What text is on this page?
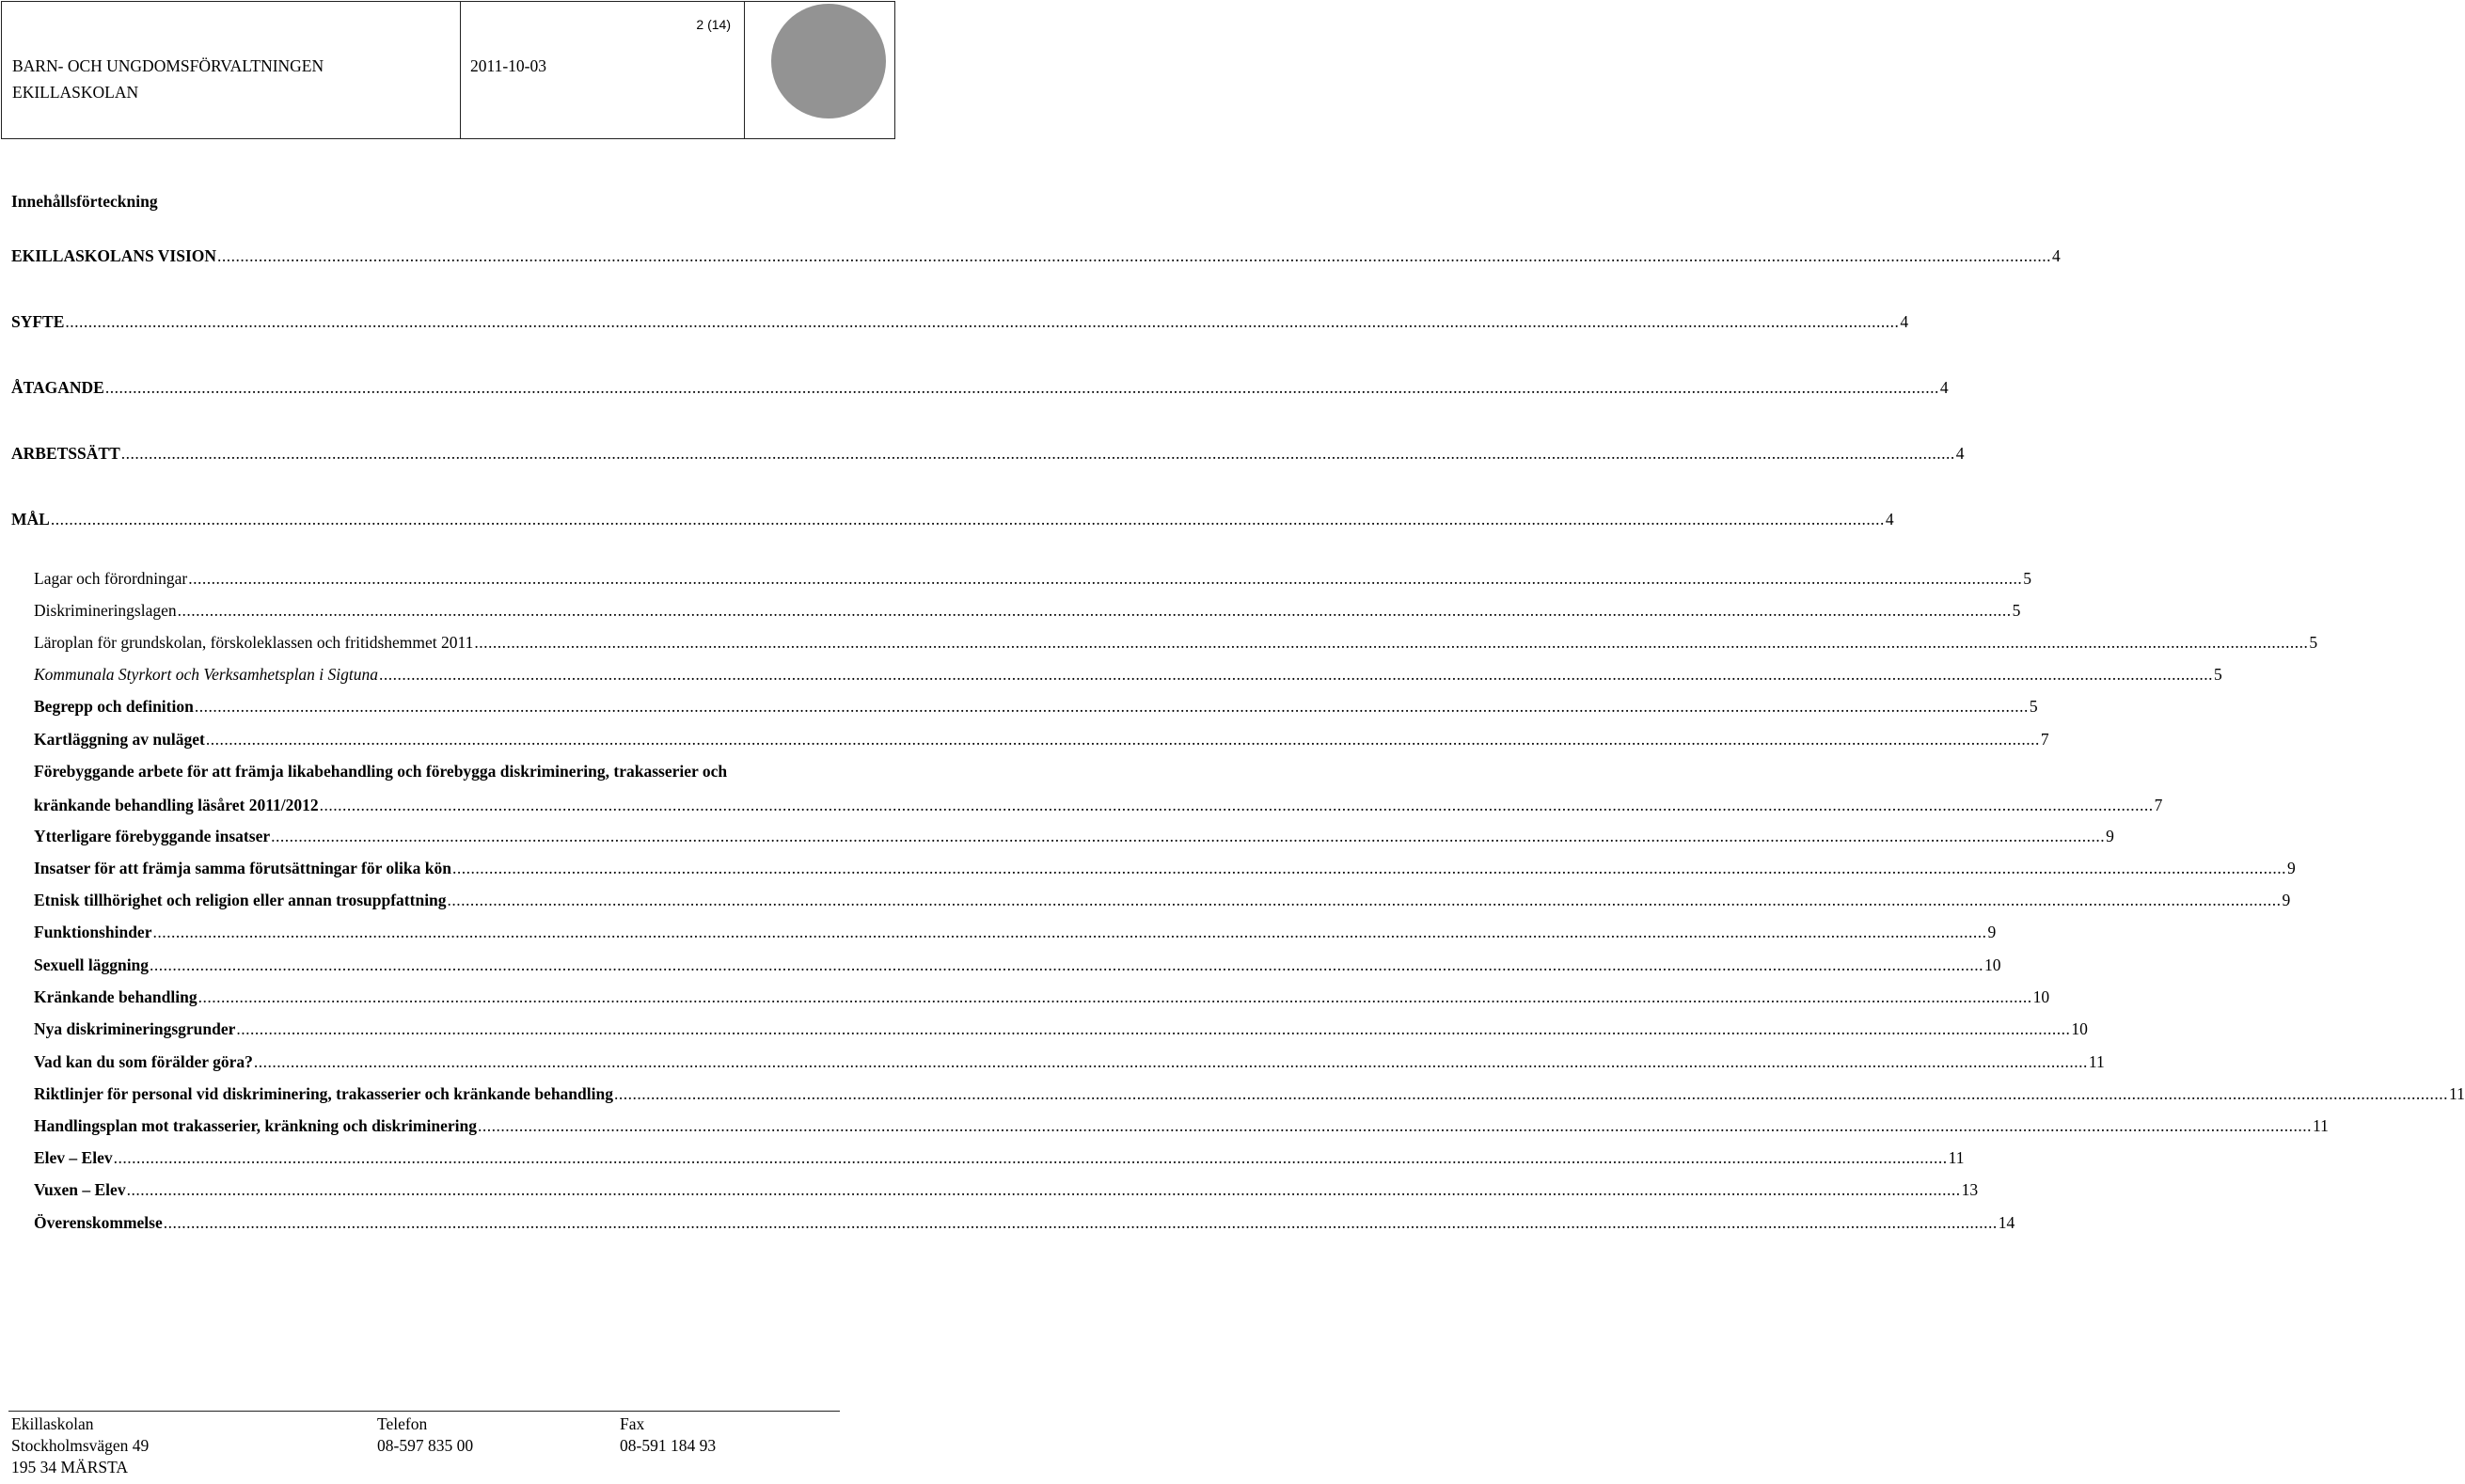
BARN- OCH UNGDOMSFÖRVALTNINGEN
EKILLASKOLAN
2011-10-03
2 (14)
Innehållsförteckning
EKILLASKOLANS VISION ................................................................................................................................................................................................................................................................................................................................................................................................................ 4
SYFTE ................................................................................................................................................................................................................................................................................................................................................................................................................ 4
ÅTAGANDE ................................................................................................................................................................................................................................................................................................................................................................................................................ 4
ARBETSSÄTT ................................................................................................................................................................................................................................................................................................................................................................................................................ 4
MÅL ................................................................................................................................................................................................................................................................................................................................................................................................................ 4
Lagar och förordningar ................................................................................................................................................................................................................................................................................................................................................................................................................ 5
Diskrimineringslagen ................................................................................................................................................................................................................................................................................................................................................................................................................ 5
Läroplan för grundskolan, förskoleklassen och fritidshemmet 2011 ................................................................................................................................................................................................................................................................................................................................................................................................................ 5
Kommunala Styrkort och Verksamhetsplan i Sigtuna ................................................................................................................................................................................................................................................................................................................................................................................................................ 5
Begrepp och definition ................................................................................................................................................................................................................................................................................................................................................................................................................ 5
Kartläggning av nuläget ................................................................................................................................................................................................................................................................................................................................................................................................................ 7
Förebyggande arbete för att främja likabehandling och förebygga diskriminering, trakasserier och
kränkande behandling läsåret 2011/2012 ................................................................................................................................................................................................................................................................................................................................................................................................................ 7
Ytterligare förebyggande insatser ................................................................................................................................................................................................................................................................................................................................................................................................................ 9
Insatser för att främja samma förutsättningar för olika kön ................................................................................................................................................................................................................................................................................................................................................................................................................ 9
Etnisk tillhörighet och religion eller annan trosuppfattning ................................................................................................................................................................................................................................................................................................................................................................................................................ 9
Funktionshinder ................................................................................................................................................................................................................................................................................................................................................................................................................ 9
Sexuell läggning ................................................................................................................................................................................................................................................................................................................................................................................................................ 10
Kränkande behandling ................................................................................................................................................................................................................................................................................................................................................................................................................ 10
Nya diskrimineringsgrunder ................................................................................................................................................................................................................................................................................................................................................................................................................ 10
Vad kan du som förälder göra? ................................................................................................................................................................................................................................................................................................................................................................................................................ 11
Riktlinjer för personal vid diskriminering, trakasserier och kränkande behandling ................................................................................................................................................................................................................................................................................................................................................................................................................ 11
Handlingsplan mot trakasserier, kränkning och diskriminering ................................................................................................................................................................................................................................................................................................................................................................................................................ 11
Elev – Elev ................................................................................................................................................................................................................................................................................................................................................................................................................ 11
Vuxen – Elev ................................................................................................................................................................................................................................................................................................................................................................................................................ 13
Överenskommelse ................................................................................................................................................................................................................................................................................................................................................................................................................ 14
Ekillaskolan
Stockholmsvägen 49
195 34 MÄRSTA
Telefon
08-597 835 00
Fax
08-591 184 93
